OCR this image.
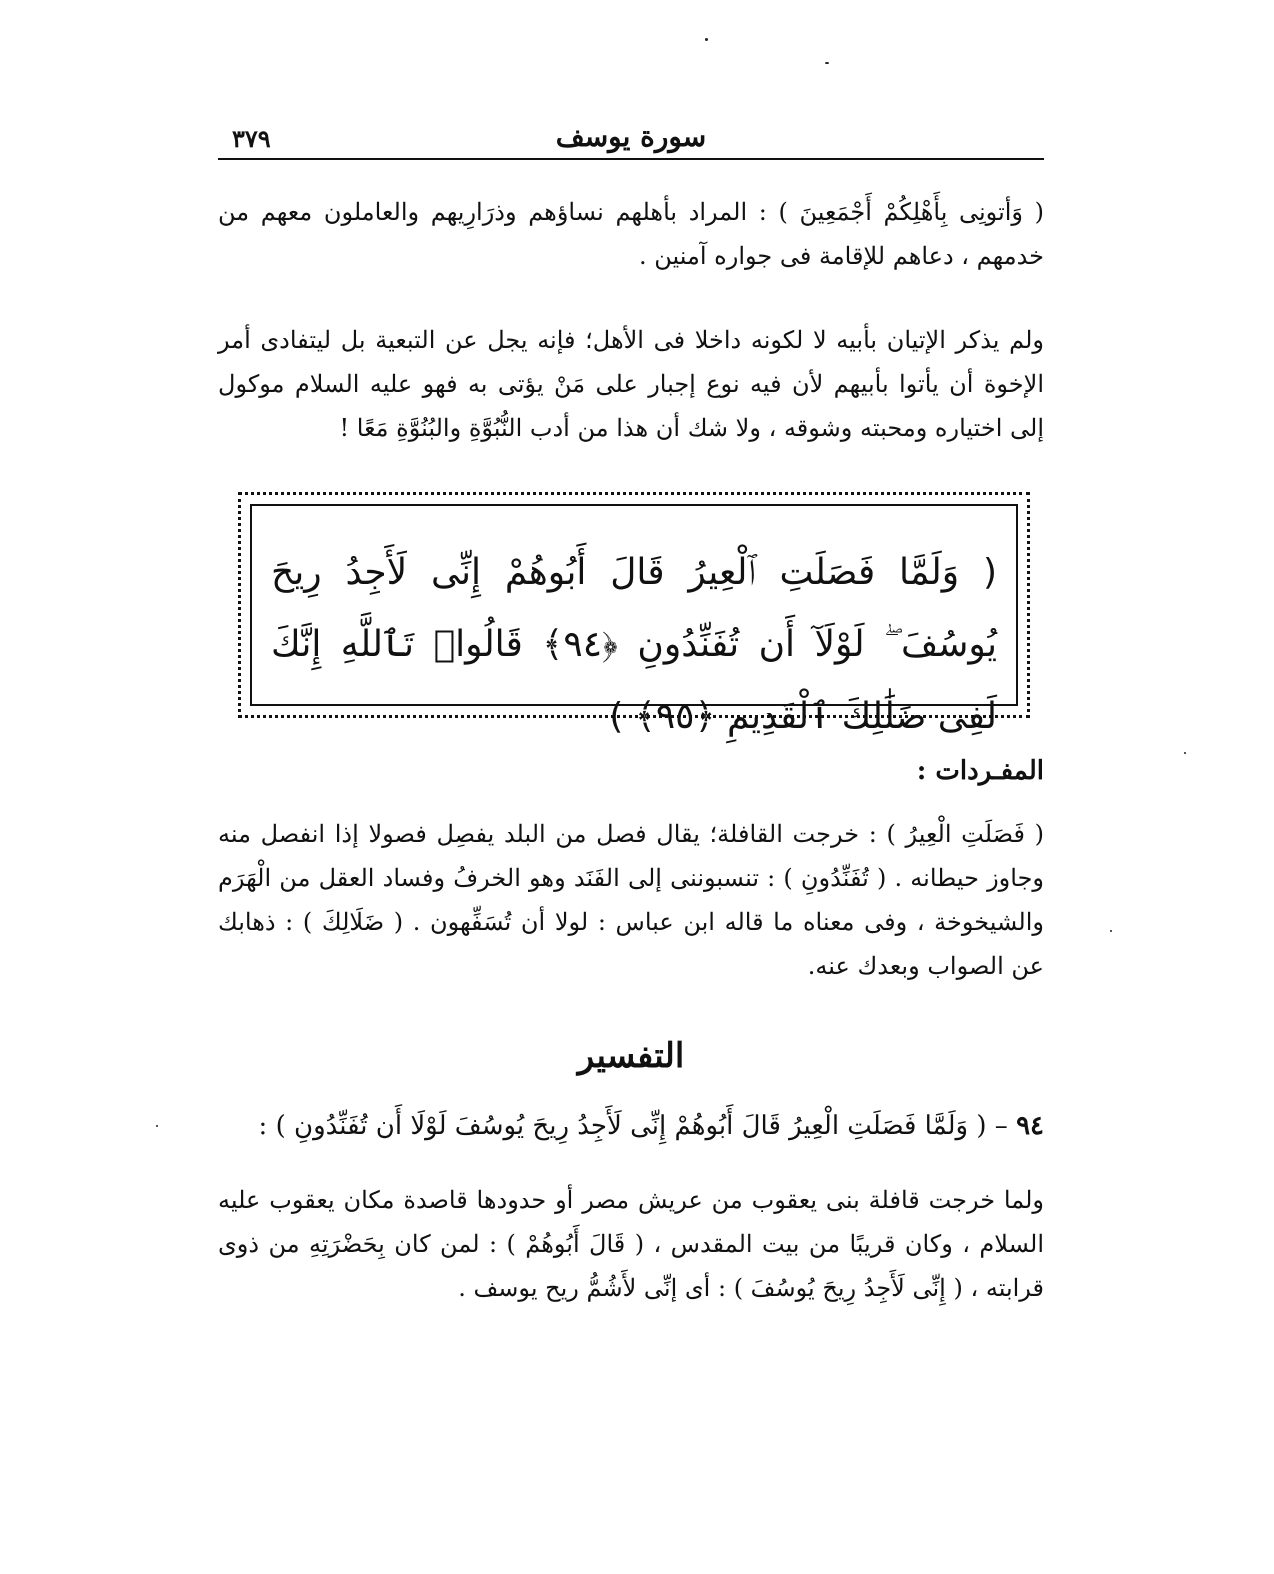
سورة يوسف
٣٧٩
( وَأتونِى بِأَهْلِكُمْ أَجْمَعِينَ ) : المراد بأهلهم نساؤهم وذرَارِيهم والعاملون معهم من خدمهم ، دعاهم للإقامة فى جواره آمنين .
ولم يذكر الإتيان بأبيه لا لكونه داخلا فى الأهل؛ فإنه يجل عن التبعية بل ليتفادى أمر الإخوة أن يأتوا بأبيهم لأن فيه نوع إجبار على مَنْ يؤتى به فهو عليه السلام موكول إلى اختياره ومحبته وشوقه ، ولا شك أن هذا من أدب النُّبُوَّةِ والبُنُوَّةِ مَعًا !
( وَلَمَّا فَصَلَتِ ٱلْعِيرُ قَالَ أَبُوهُمْ إِنِّى لَأَجِدُ رِيحَ يُوسُفَ ۖ لَوْلَآ أَن تُفَنِّدُونِ ﴿٩٤﴾ قَالُوا۟ تَٱللَّهِ إِنَّكَ لَفِى ضَلَٰلِكَ ٱلْقَدِيمِ ﴿٩٥﴾ )
المفـردات :
( فَصَلَتِ الْعِيرُ ) : خرجت القافلة؛ يقال فصل من البلد يفصِل فصولا إذا انفصل منه وجاوز حيطانه . ( تُفَنِّدُونِ ) : تنسبوننى إلى الفَنَد وهو الخرفُ وفساد العقل من الْهَرَم والشيخوخة ، وفى معناه ما قاله ابن عباس : لولا أن تُسَفِّهون . ( ضَلَالِكَ ) : ذهابك عن الصواب وبعدك عنه.
التفسير
٩٤ – ( وَلَمَّا فَصَلَتِ الْعِيرُ قَالَ أَبُوهُمْ إِنِّى لَأَجِدُ رِيحَ يُوسُفَ لَوْلَا أَن تُفَنِّدُونِ ) :
ولما خرجت قافلة بنى يعقوب من عريش مصر أو حدودها قاصدة مكان يعقوب عليه السلام ، وكان قريبًا من بيت المقدس ، ( قَالَ أَبُوهُمْ ) : لمن كان بِحَضْرَتِهِ من ذوى قرابته ، ( إِنِّى لَأَجِدُ رِيحَ يُوسُفَ ) : أى إنِّى لأَشُمُّ ريح يوسف .
